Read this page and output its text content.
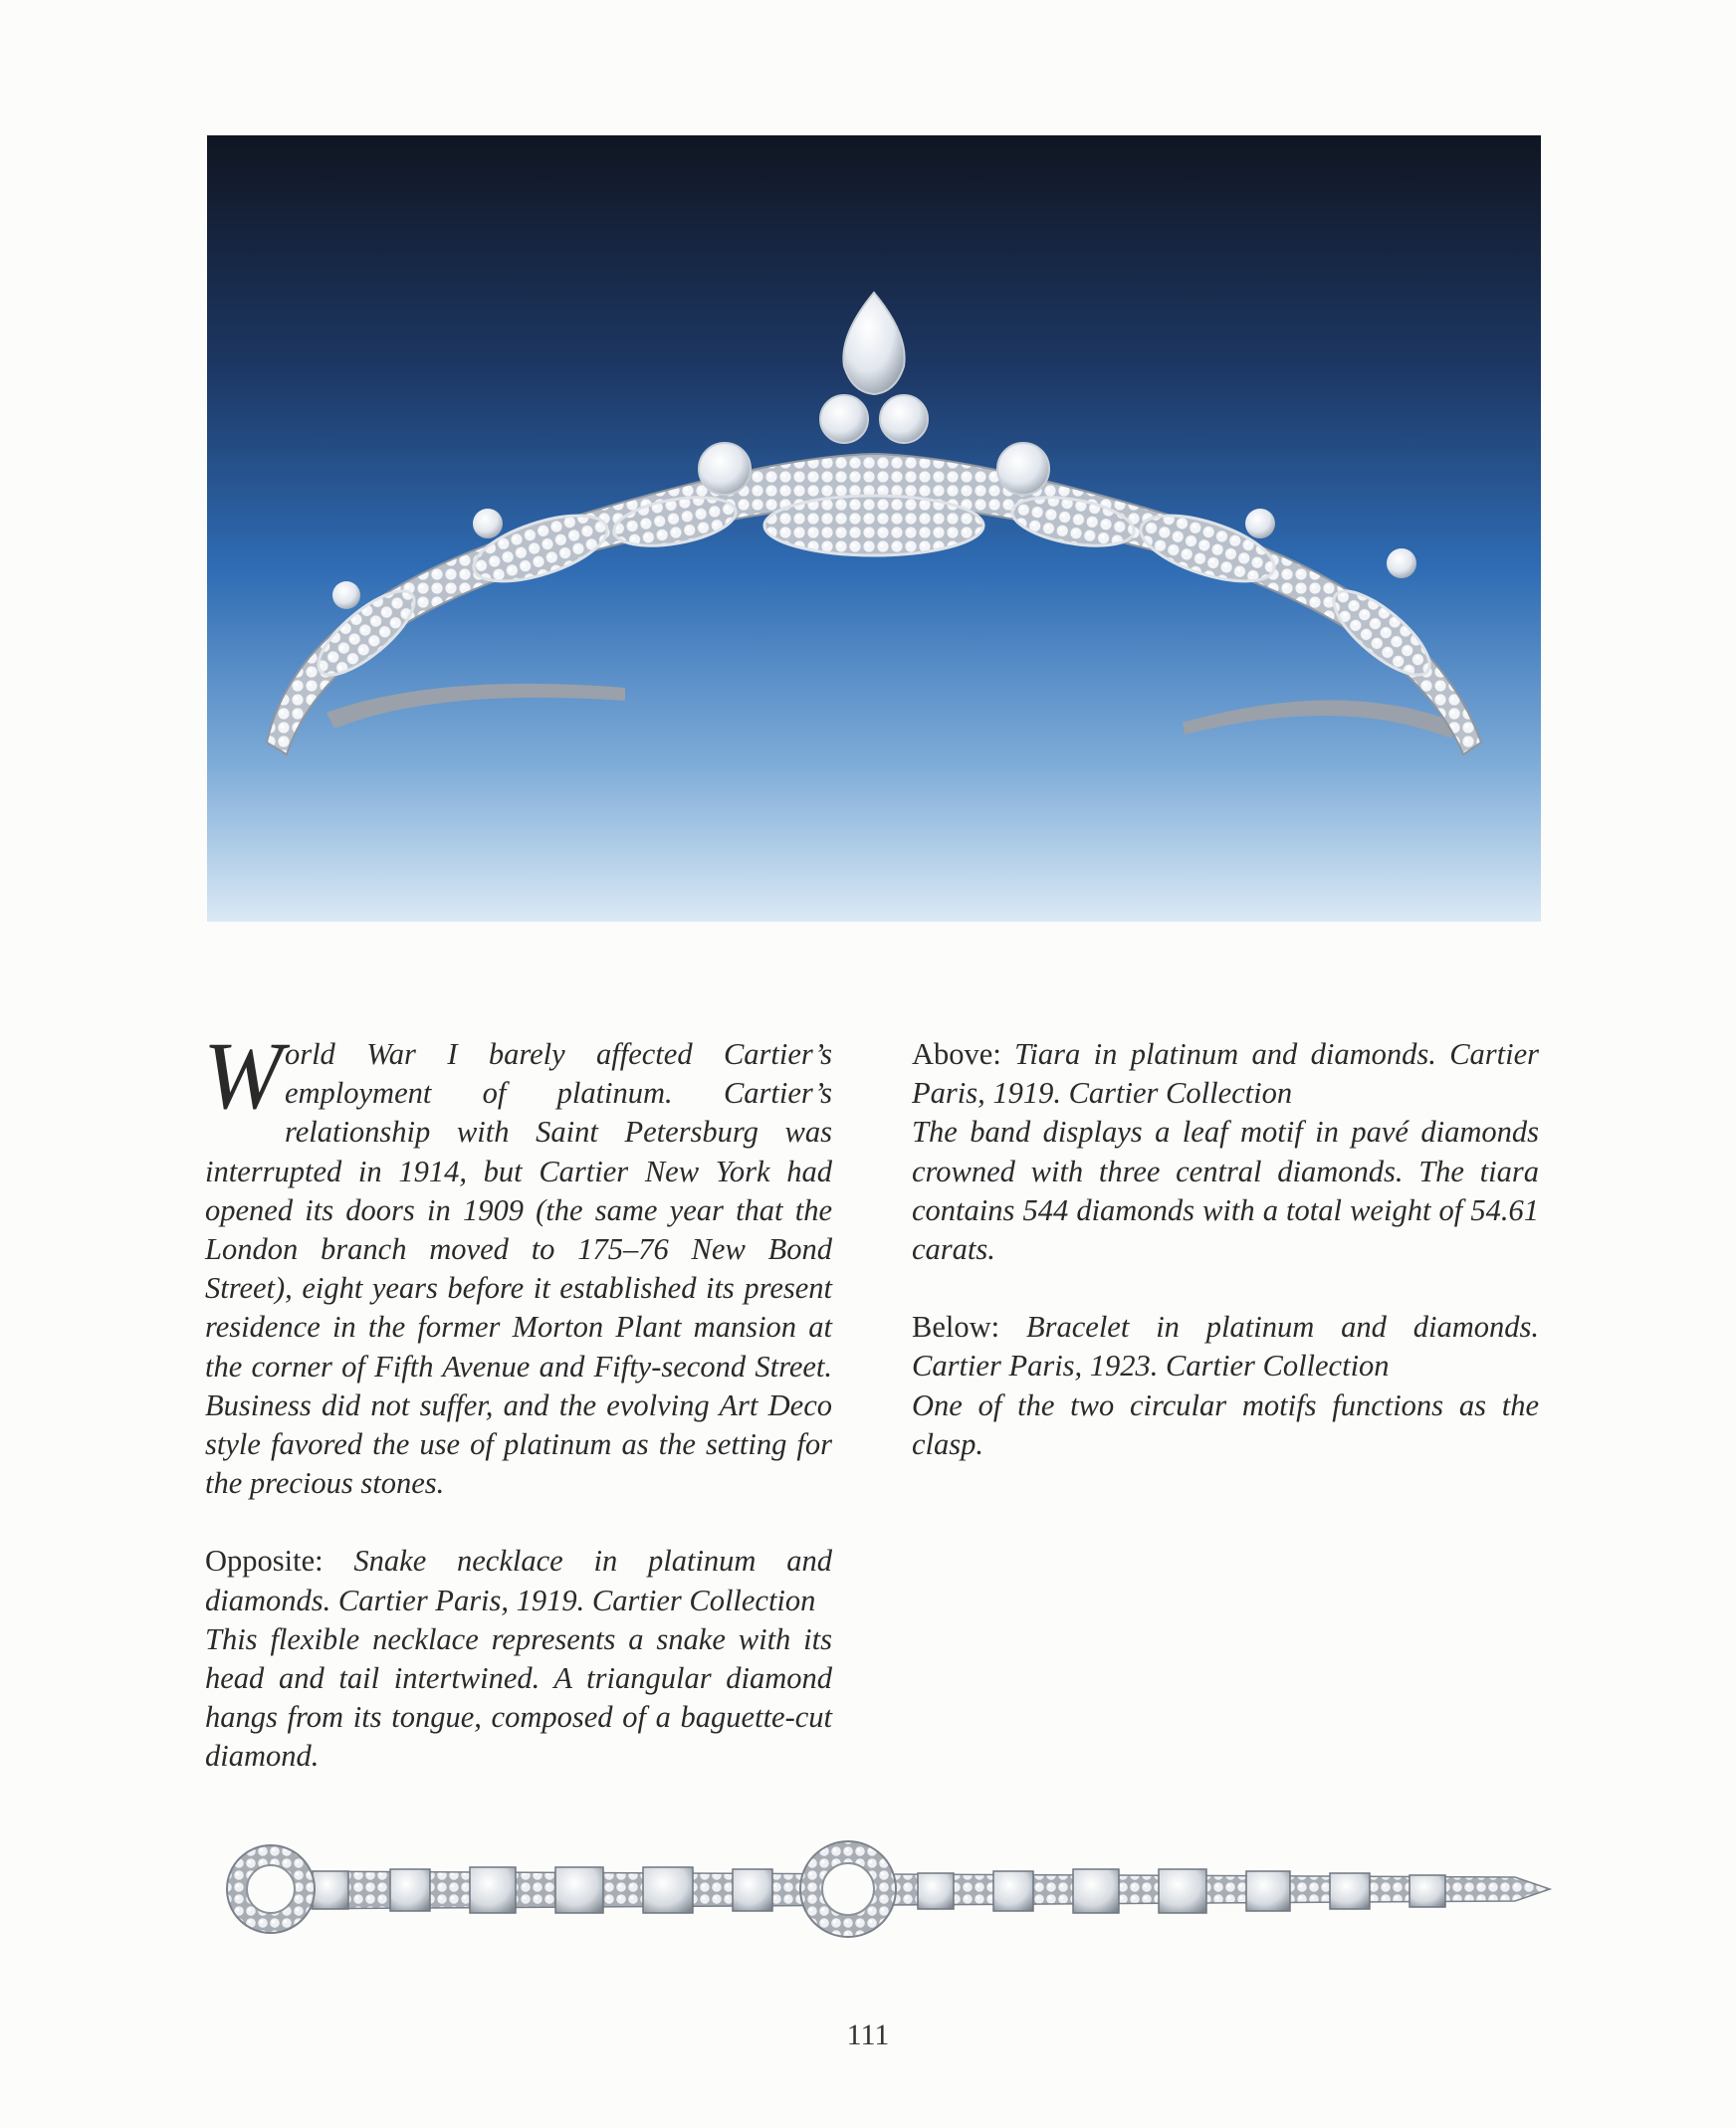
World War I barely affected Cartier’s employment of platinum. Cartier’s relationship with Saint Petersburg was interrupted in 1914, but Cartier New York had opened its doors in 1909 (the same year that the London branch moved to 175–76 New Bond Street), eight years before it established its present residence in the former Morton Plant mansion at the corner of Fifth Avenue and Fifty-second Street. Business did not suffer, and the evolving Art Deco style favored the use of platinum as the setting for the precious stones.

Opposite: Snake necklace in platinum and diamonds. Cartier Paris, 1919. Cartier Collection
This flexible necklace represents a snake with its head and tail intertwined. A triangular diamond hangs from its tongue, composed of a baguette-cut diamond.

Above: Tiara in platinum and diamonds. Cartier Paris, 1919. Cartier Collection
The band displays a leaf motif in pavé diamonds crowned with three central diamonds. The tiara contains 544 diamonds with a total weight of 54.61 carats.

Below: Bracelet in platinum and diamonds. Cartier Paris, 1923. Cartier Collection
One of the two circular motifs functions as the clasp.

111
